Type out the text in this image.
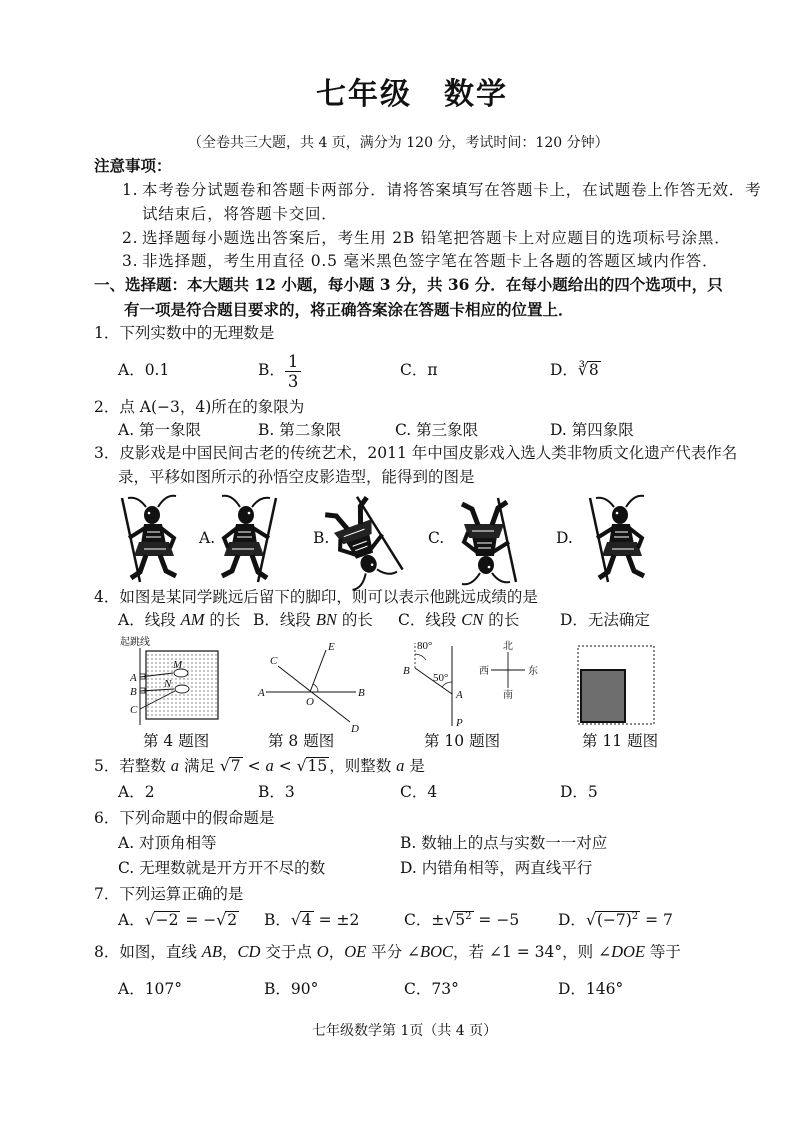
七年级　数学
（全卷共三大题，共 4 页，满分为 120 分，考试时间：120 分钟）
注意事项：
1. 本考卷分试题卷和答题卡两部分．请将答案填写在答题卡上，在试题卷上作答无效．考
试结束后，将答题卡交回．
2. 选择题每小题选出答案后，考生用 2B 铅笔把答题卡上对应题目的选项标号涂黑．
3. 非选择题，考生用直径 0.5 毫米黑色签字笔在答题卡上各题的答题区域内作答．
一、选择题：本大题共 12 小题，每小题 3 分，共 36 分．在每小题给出的四个选项中，只
有一项是符合题目要求的，将正确答案涂在答题卡相应的位置上．
1．下列实数中的无理数是
A．0.1	B． $\frac{1}{3}$	C．π	D．∛8
2．点 A(−3，4)所在的象限为
A. 第一象限	B. 第二象限	C. 第三象限	D. 第四象限
3．皮影戏是中国民间古老的传统艺术，2011 年中国皮影戏入选人类非物质文化遗产代表作名
录，平移如图所示的孙悟空皮影造型，能得到的图是
A.	B.	C.	D.
4．如图是某同学跳远后留下的脚印，则可以表示他跳远成绩的是
A．线段 AM 的长 B．线段 BN 的长 C．线段 CN 的长	D．无法确定
起跳线
M
N
A
B
C
A	B
C
D
E
O
80°
50°
B
A
P
北
西	东
南
第 4 题图	第 8 题图	第 10 题图	第 11 题图
5．若整数 a 满足 √7 < a < √15 ，则整数 a 是
A．2	B．3	C．4	D．5
6．下列命题中的假命题是
A. 对顶角相等	B. 数轴上的点与实数一一对应
C. 无理数就是开方开不尽的数	D. 内错角相等，两直线平行
7．下列运算正确的是
A．√−2 = −√2 B．√4 = ±2	C．$\pm√5^2 = -5$	D．$√(-7)^2 = 7$
8．如图，直线 AB，CD 交于点 O，OE 平分 ∠BOC，若 ∠1 = 34°，则 ∠DOE 等于
A．107°	B．90°	C．73°	D．146°
七年级数学第 1页（共 4 页）
